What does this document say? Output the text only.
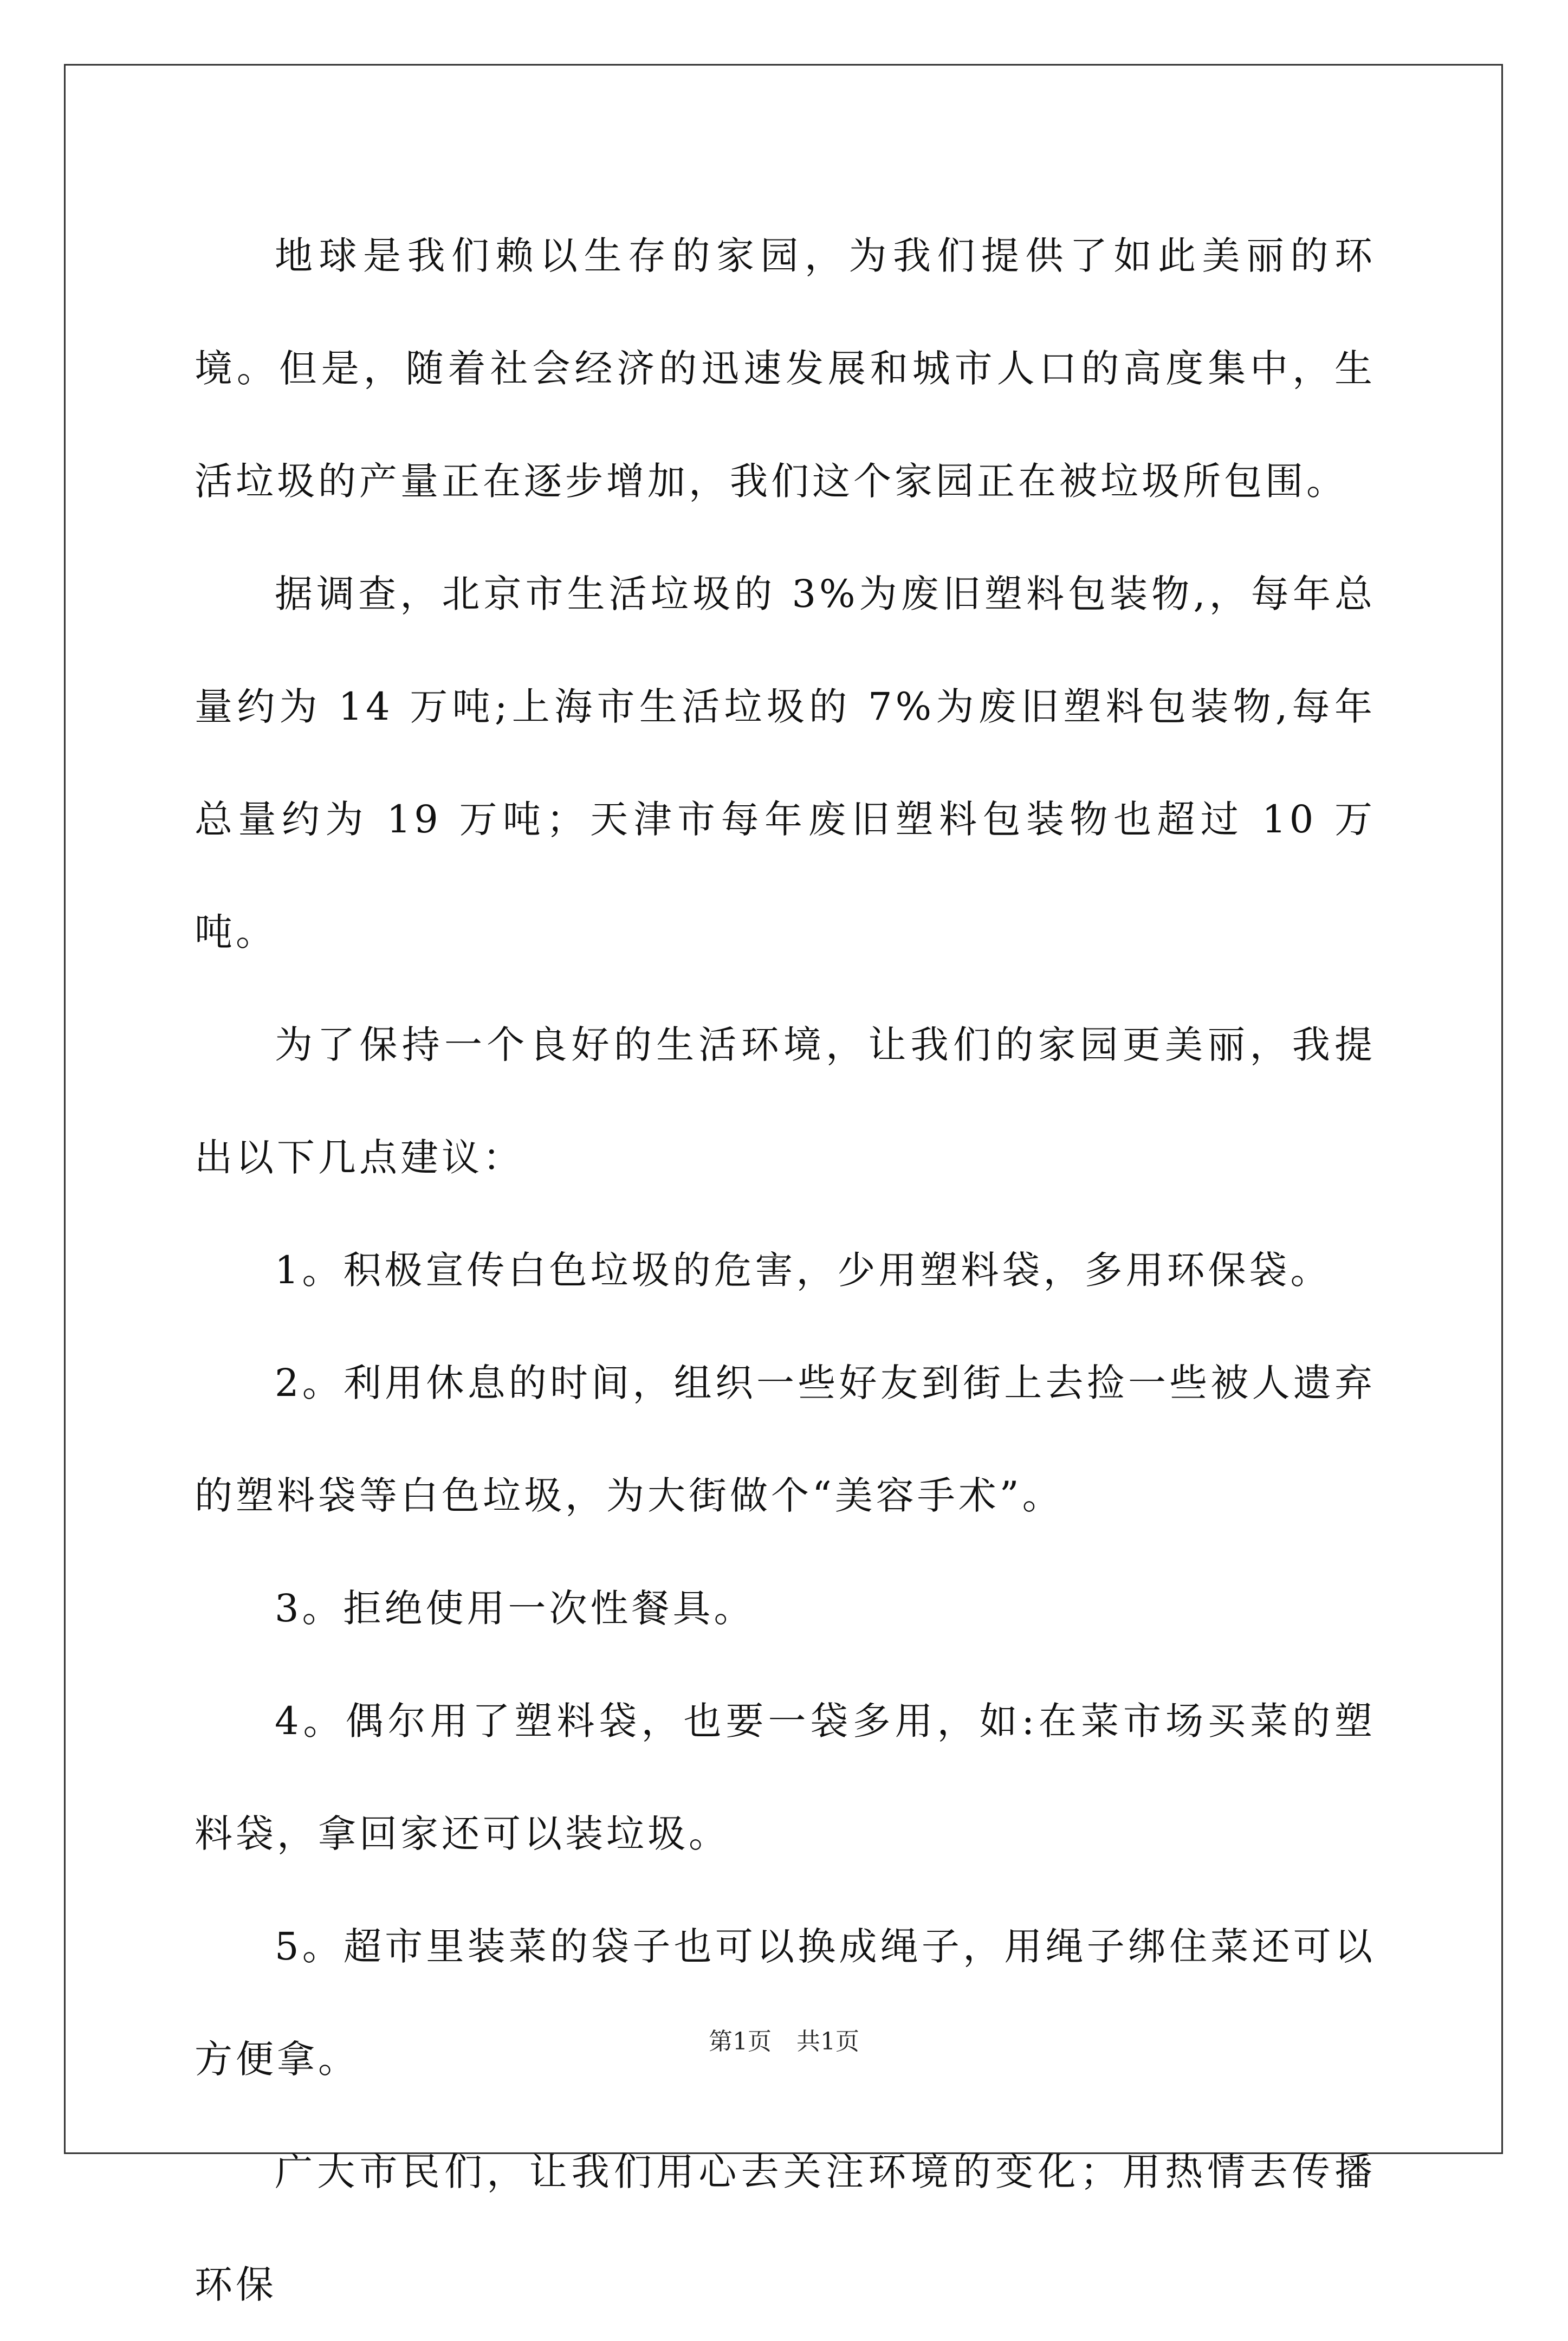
地球是我们赖以生存的家园，为我们提供了如此美丽的环境。但是，随着社会经济的迅速发展和城市人口的高度集中，生活垃圾的产量正在逐步增加，我们这个家园正在被垃圾所包围。

据调查，北京市生活垃圾的 3%为废旧塑料包装物,，每年总量约为 14 万吨;上海市生活垃圾的 7%为废旧塑料包装物,每年总量约为 19 万吨；天津市每年废旧塑料包装物也超过 10 万吨。

为了保持一个良好的生活环境，让我们的家园更美丽，我提出以下几点建议：

1。积极宣传白色垃圾的危害，少用塑料袋，多用环保袋。

2。利用休息的时间，组织一些好友到街上去捡一些被人遗弃的塑料袋等白色垃圾，为大街做个“美容手术”。

3。拒绝使用一次性餐具。

4。偶尔用了塑料袋，也要一袋多用，如:在菜市场买菜的塑料袋，拿回家还可以装垃圾。

5。超市里装菜的袋子也可以换成绳子，用绳子绑住菜还可以方便拿。

广大市民们，让我们用心去关注环境的变化；用热情去传播环保

第1页 共1页
